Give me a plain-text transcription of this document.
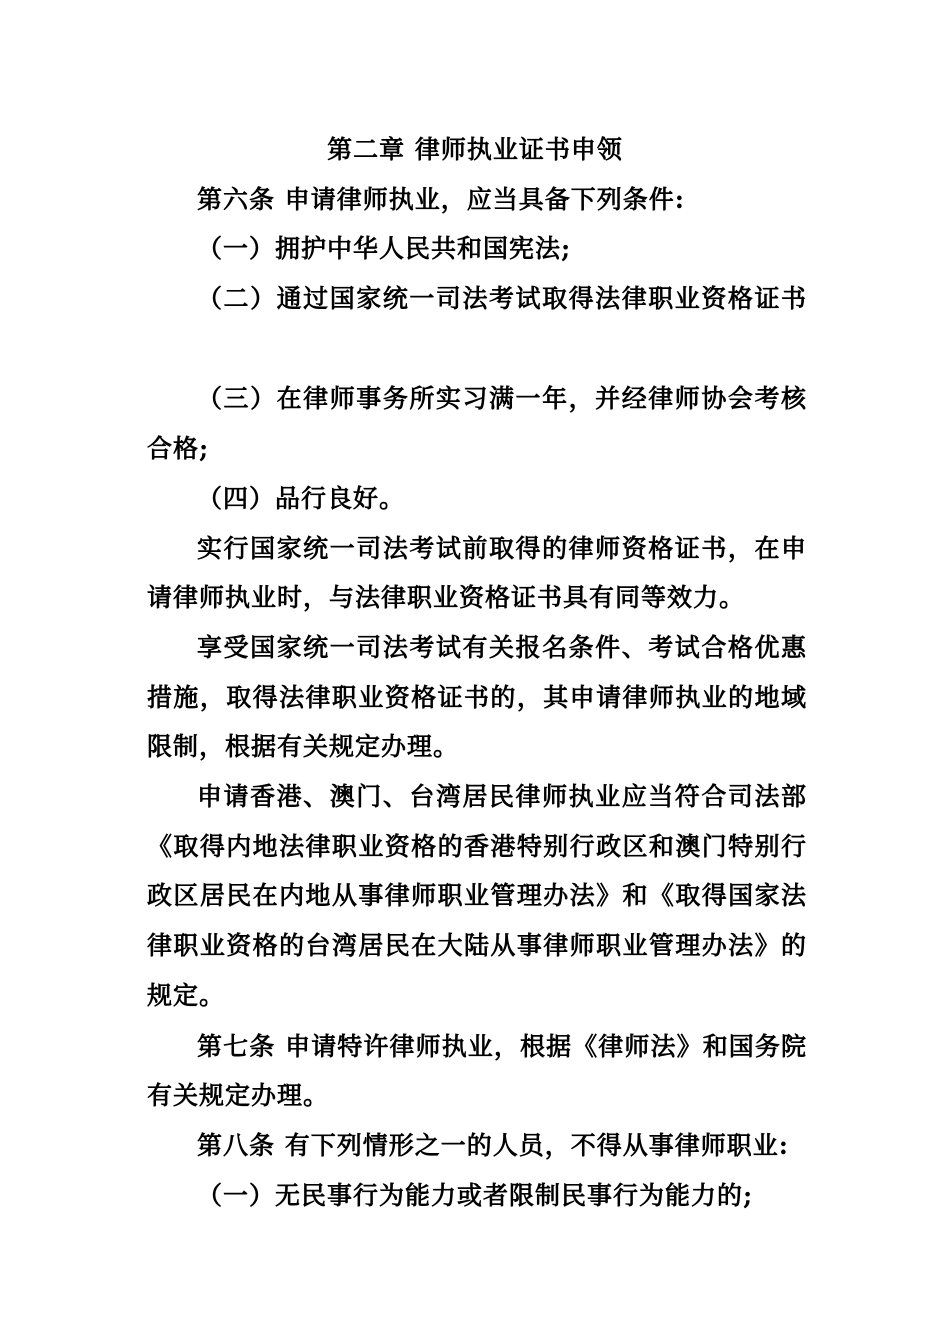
第二章 律师执业证书申领
第六条 申请律师执业，应当具备下列条件:
（一）拥护中华人民共和国宪法;
（二）通过国家统一司法考试取得法律职业资格证书
（三）在律师事务所实习满一年，并经律师协会考核
合格;
（四）品行良好。
实行国家统一司法考试前取得的律师资格证书，在申
请律师执业时，与法律职业资格证书具有同等效力。
享受国家统一司法考试有关报名条件、考试合格优惠
措施，取得法律职业资格证书的，其申请律师执业的地域
限制，根据有关规定办理。
申请香港、澳门、台湾居民律师执业应当符合司法部
《取得内地法律职业资格的香港特别行政区和澳门特别行
政区居民在内地从事律师职业管理办法》和《取得国家法
律职业资格的台湾居民在大陆从事律师职业管理办法》的
规定。
第七条 申请特许律师执业，根据《律师法》和国务院
有关规定办理。
第八条 有下列情形之一的人员，不得从事律师职业:
（一）无民事行为能力或者限制民事行为能力的;
